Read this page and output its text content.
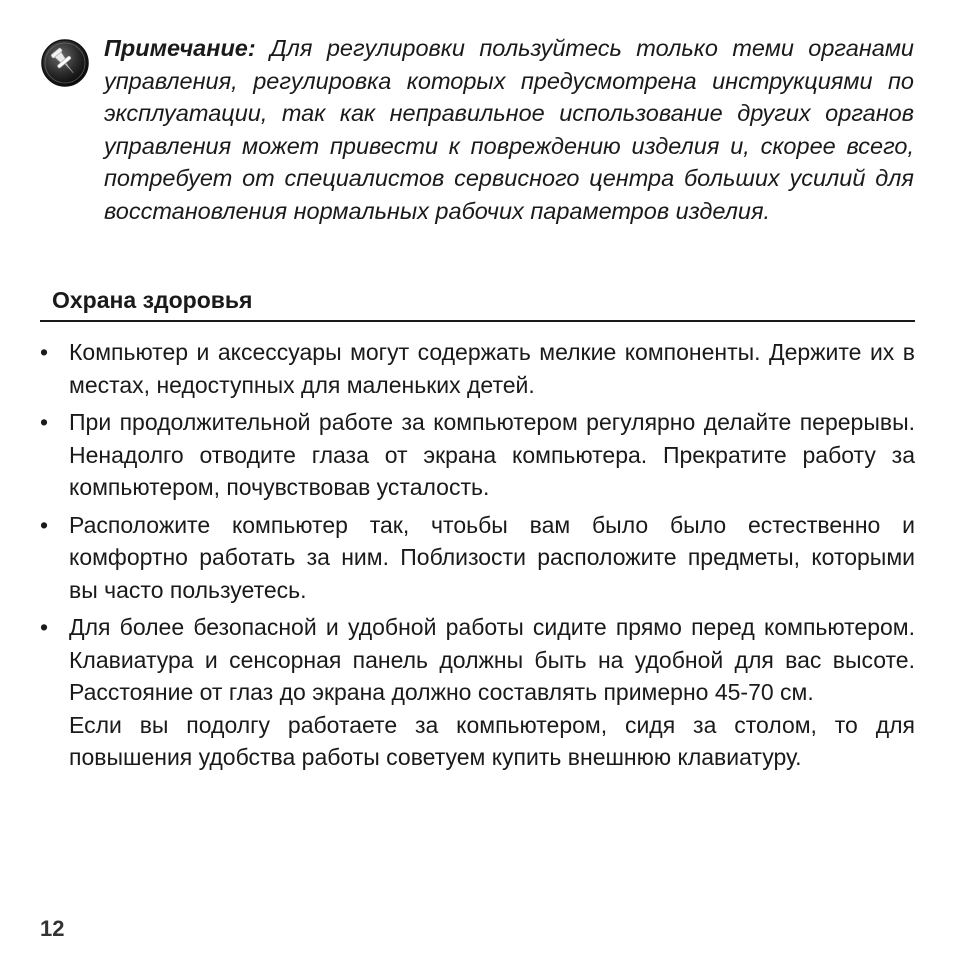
Примечание: Для регулировки пользуйтесь только теми органами управления, регулировка которых предусмотрена инструкциями по эксплуатации, так как неправильное использование других органов управления может привести к повреждению изделия и, скорее всего, потребует от специалистов сервисного центра больших усилий для восстановления нормальных рабочих параметров изделия.
Охрана здоровья
• Компьютер и аксессуары могут содержать мелкие компоненты. Держите их в местах, недоступных для маленьких детей.
• При продолжительной работе за компьютером регулярно делайте перерывы. Ненадолго отводите глаза от экрана компьютера. Прекратите работу за компьютером, почувствовав усталость.
• Расположите компьютер так, чтоьбы вам было было естественно и комфортно работать за ним. Поблизости расположите предметы, которыми вы часто пользуетесь.
• Для более безопасной и удобной работы сидите прямо перед компьютером. Клавиатура и сенсорная панель должны быть на удобной для вас высоте. Расстояние от глаз до экрана должно составлять примерно 45-70 см.
Если вы подолгу работаете за компьютером, сидя за столом, то для повышения удобства работы советуем купить внешнюю клавиатуру.
12
